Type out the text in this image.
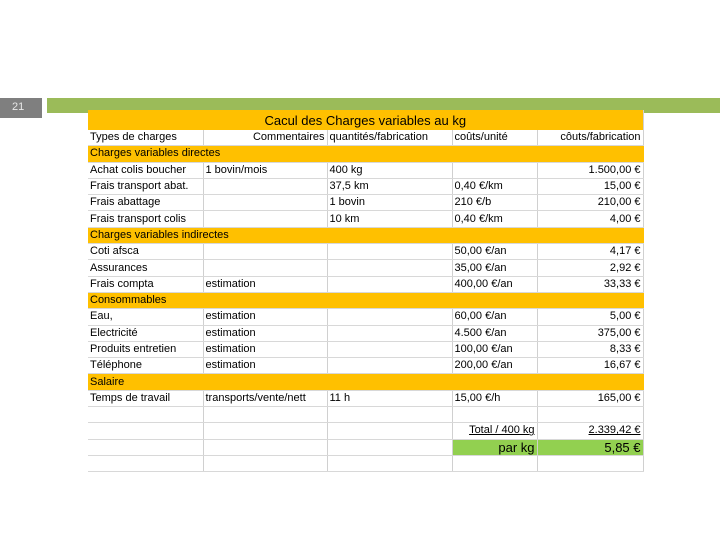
21
Cacul des Charges variables au kg				
Types de charges	Commentaires	quantités/fabrication	coûts/unité	côuts/fabrication
Charges variables directes				
Achat colis boucher	1 bovin/mois	400 kg		1.500,00 €
Frais transport abat.		37,5 km	0,40 €/km	15,00 €
Frais abattage		1 bovin	210 €/b	210,00 €
Frais transport colis		10 km	0,40 €/km	4,00 €
Charges variables indirectes				
Coti afsca			50,00 €/an	4,17 €
Assurances			35,00 €/an	2,92 €
Frais compta	estimation		400,00 €/an	33,33 €
Consommables				
Eau,	estimation		60,00 €/an	5,00 €
Electricité	estimation		4.500 €/an	375,00 €
Produits entretien	estimation		100,00 €/an	8,33 €
Téléphone	estimation		200,00 €/an	16,67 €
Salaire				
Temps de travail	transports/vente/nett	11 h	15,00 €/h	165,00 €

			Total / 400 kg	2.339,42 €
			par kg	5,85 €
